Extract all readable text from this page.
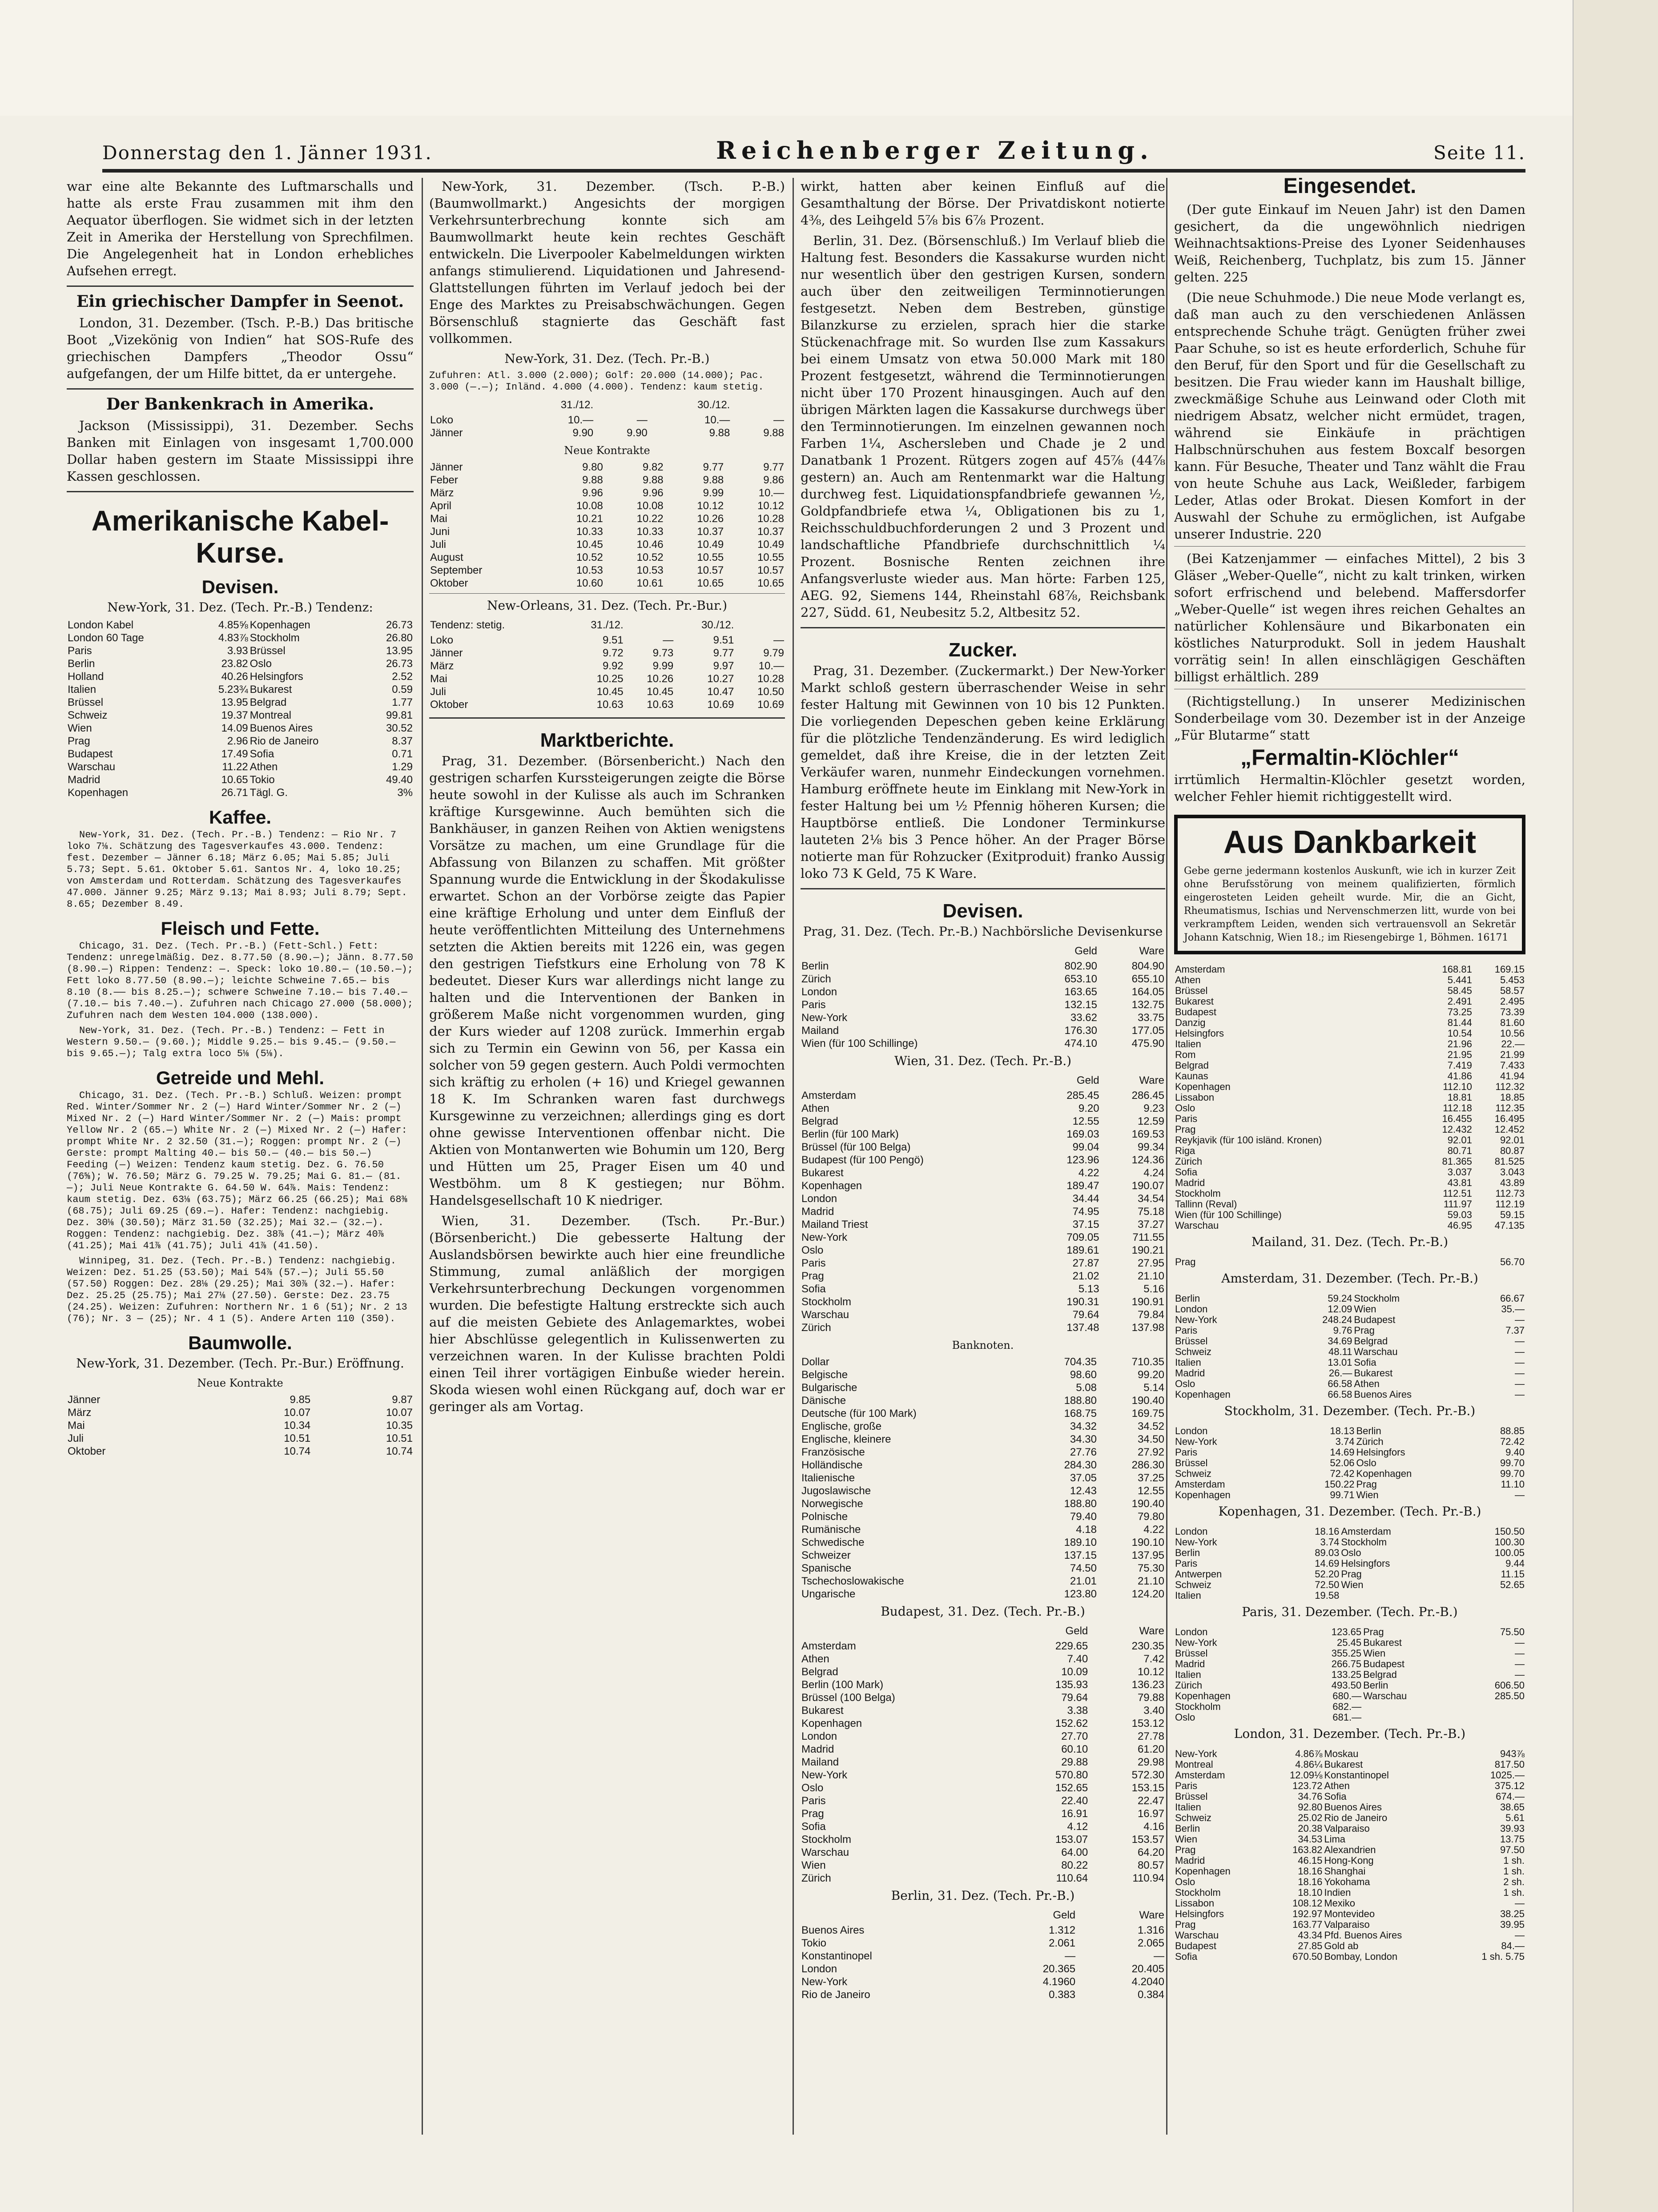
Donnerstag den 1. Jänner 1931.	Reichenberger Zeitung.	Seite 11.

war eine alte Bekannte des Luftmarschalls und hatte als erste Frau zusammen mit ihm den Aequator überflogen. Sie widmet sich in der letzten Zeit in Amerika der Herstellung von Sprechfilmen. Die Angelegenheit hat in London erhebliches Aufsehen erregt.

Ein griechischer Dampfer in Seenot.

London, 31. Dezember. (Tsch. P.-B.) Das britische Boot „Vizekönig von Indien“ hat SOS-Rufe des griechischen Dampfers „Theodor Ossu“ aufgefangen, der um Hilfe bittet, da er untergehe.

Der Bankenkrach in Amerika.

Jackson (Mississippi), 31. Dezember. Sechs Banken mit Einlagen von insgesamt 1,700.000 Dollar haben gestern im Staate Mississippi ihre Kassen geschlossen.

Amerikanische Kabel-Kurse.
Devisen.
New-York, 31. Dez. (Tech. Pr.-B.) Tendenz:
London Kabel	4.85⅝	Kopenhagen	26.73
London 60 Tage	4.83⅞	Stockholm	26.80
Paris	3.93	Brüssel	13.95
Berlin	23.82	Oslo	26.73
Holland	40.26	Helsingfors	2.52
Italien	5.23¾	Bukarest	0.59
Brüssel	13.95	Belgrad	1.77
Schweiz	19.37	Montreal	99.81
Wien	14.09	Buenos Aires	30.52
Prag	2.96	Rio de Janeiro	8.37
Budapest	17.49	Sofia	0.71
Warschau	11.22	Athen	1.29
Madrid	10.65	Tokio	49.40
Kopenhagen	26.71	Tägl. G.	3%
Kaffee.

New-York, 31. Dez. (Tech. Pr.-B.) Tendenz: — Rio Nr. 7 loko 7⅛. Schätzung des Tagesverkaufes 43.000. Tendenz: fest. Dezember — Jänner 6.18; März 6.05; Mai 5.85; Juli 5.73; Sept. 5.61. Oktober 5.61. Santos Nr. 4, loko 10.25; von Amsterdam und Rotterdam. Schätzung des Tagesverkaufes 47.000. Jänner 9.25; März 9.13; Mai 8.93; Juli 8.79; Sept. 8.65; Dezember 8.49.

Fleisch und Fette.

Chicago, 31. Dez. (Tech. Pr.-B.) (Fett-Schl.) Fett: Tendenz: unregelmäßig. Dez. 8.77.50 (8.90.—); Jänn. 8.77.50 (8.90.—) Rippen: Tendenz: —. Speck: loko 10.80.— (10.50.—); Fett loko 8.77.50 (8.90.—); leichte Schweine 7.65.— bis 8.10 (8.—— bis 8.25.—); schwere Schweine 7.10.— bis 7.40.— (7.10.— bis 7.40.—). Zufuhren nach Chicago 27.000 (58.000); Zufuhren nach dem Westen 104.000 (138.000).

New-York, 31. Dez. (Tech. Pr.-B.) Tendenz: — Fett in Western 9.50.— (9.60.); Middle 9.25.— bis 9.45.— (9.50.— bis 9.65.—); Talg extra loco 5⅛ (5⅛).

Getreide und Mehl.

Chicago, 31. Dez. (Tech. Pr.-B.) Schluß. Weizen: prompt Red. Winter/Sommer Nr. 2 (—) Hard Winter/Sommer Nr. 2 (—) Mixed Nr. 2 (—) Hard Winter/Sommer Nr. 2 (—) Mais: prompt Yellow Nr. 2 (65.—) White Nr. 2 (—) Mixed Nr. 2 (—) Hafer: prompt White Nr. 2 32.50 (31.—); Roggen: prompt Nr. 2 (—) Gerste: prompt Malting 40.— bis 50.— (40.— bis 50.—) Feeding (—) Weizen: Tendenz kaum stetig. Dez. G. 76.50 (76⅝); W. 76.50; März G. 79.25 W. 79.25; Mai G. 81.— (81.—); Juli Neue Kontrakte G. 64.50 W. 64⅞. Mais: Tendenz: kaum stetig. Dez. 63⅛ (63.75); März 66.25 (66.25); Mai 68⅜ (68.75); Juli 69.25 (69.—). Hafer: Tendenz: nachgiebig. Dez. 30⅛ (30.50); März 31.50 (32.25); Mai 32.— (32.—). Roggen: Tendenz: nachgiebig. Dez. 38⅞ (41.—); März 40⅞ (41.25); Mai 41⅞ (41.75); Juli 41⅞ (41.50).

Winnipeg, 31. Dez. (Tech. Pr.-B.) Tendenz: nachgiebig. Weizen: Dez. 51.25 (53.50); Mai 54⅞ (57.—); Juli 55.50 (57.50) Roggen: Dez. 28⅛ (29.25); Mai 30⅞ (32.—). Hafer: Dez. 25.25 (25.75); Mai 27⅛ (27.50). Gerste: Dez. 23.75 (24.25). Weizen: Zufuhren: Northern Nr. 1 6 (51); Nr. 2 13 (76); Nr. 3 — (25); Nr. 4 1 (5). Andere Arten 110 (350).

Baumwolle.
New-York, 31. Dezember. (Tech. Pr.-Bur.) Eröffnung.
Neue Kontrakte
Jänner	9.85	9.87
März	10.07	10.07
Mai	10.34	10.35
Juli	10.51	10.51
Oktober	10.74	10.74

New-York, 31. Dezember. (Tsch. P.-B.) (Baumwollmarkt.) Angesichts der morgigen Verkehrsunterbrechung konnte sich am Baumwollmarkt heute kein rechtes Geschäft entwickeln. Die Liverpooler Kabelmeldungen wirkten anfangs stimulierend. Liquidationen und Jahresend-Glattstellungen führten im Verlauf jedoch bei der Enge des Marktes zu Preisabschwächungen. Gegen Börsenschluß stagnierte das Geschäft fast vollkommen.

New-York, 31. Dez. (Tech. Pr.-B.)

Zufuhren: Atl. 3.000 (2.000); Golf: 20.000 (14.000); Pac. 3.000 (—.—); Inländ. 4.000 (4.000). Tendenz: kaum stetig.

	31./12.		30./12.	
Loko	10.—	—	10.—	—
Jänner	9.90	9.90	9.88	9.88
Neue Kontrakte
Jänner	9.80	9.82	9.77	9.77
Feber	9.88	9.88	9.88	9.86
März	9.96	9.96	9.99	10.—
April	10.08	10.08	10.12	10.12
Mai	10.21	10.22	10.26	10.28
Juni	10.33	10.33	10.37	10.37
Juli	10.45	10.46	10.49	10.49
August	10.52	10.52	10.55	10.55
September	10.53	10.53	10.57	10.57
Oktober	10.60	10.61	10.65	10.65
New-Orleans, 31. Dez. (Tech. Pr.-Bur.)
Tendenz: stetig.	31./12.		30./12.	
Loko	9.51	—	9.51	—
Jänner	9.72	9.73	9.77	9.79
März	9.92	9.99	9.97	10.—
Mai	10.25	10.26	10.27	10.28
Juli	10.45	10.45	10.47	10.50
Oktober	10.63	10.63	10.69	10.69
Marktberichte.

Prag, 31. Dezember. (Börsenbericht.) Nach den gestrigen scharfen Kurssteigerungen zeigte die Börse heute sowohl in der Kulisse als auch im Schranken kräftige Kursgewinne. Auch bemühten sich die Bankhäuser, in ganzen Reihen von Aktien wenigstens Vorsätze zu machen, um eine Grundlage für die Abfassung von Bilanzen zu schaffen. Mit größter Spannung wurde die Entwicklung in der Škodakulisse erwartet. Schon an der Vorbörse zeigte das Papier eine kräftige Erholung und unter dem Einfluß der heute veröffentlichten Mitteilung des Unternehmens setzten die Aktien bereits mit 1226 ein, was gegen den gestrigen Tiefstkurs eine Erholung von 78 K bedeutet. Dieser Kurs war allerdings nicht lange zu halten und die Interventionen der Banken in größerem Maße nicht vorgenommen wurden, ging der Kurs wieder auf 1208 zurück. Immerhin ergab sich zu Termin ein Gewinn von 56, per Kassa ein solcher von 59 gegen gestern. Auch Poldi vermochten sich kräftig zu erholen (+ 16) und Kriegel gewannen 18 K. Im Schranken waren fast durchwegs Kursgewinne zu verzeichnen; allerdings ging es dort ohne gewisse Interventionen offenbar nicht. Die Aktien von Montanwerten wie Bohumin um 120, Berg und Hütten um 25, Prager Eisen um 40 und Westböhm. um 8 K gestiegen; nur Böhm. Handelsgesellschaft 10 K niedriger.

Wien, 31. Dezember. (Tsch. Pr.-Bur.) (Börsenbericht.) Die gebesserte Haltung der Auslandsbörsen bewirkte auch hier eine freundliche Stimmung, zumal anläßlich der morgigen Verkehrsunterbrechung Deckungen vorgenommen wurden. Die befestigte Haltung erstreckte sich auch auf die meisten Gebiete des Anlagemarktes, wobei hier Abschlüsse gelegentlich in Kulissenwerten zu verzeichnen waren. In der Kulisse brachten Poldi einen Teil ihrer vortägigen Einbuße wieder herein. Skoda wiesen wohl einen Rückgang auf, doch war er geringer als am Vortag.

wirkt, hatten aber keinen Einfluß auf die Gesamthaltung der Börse. Der Privatdiskont notierte 4⅜, des Leihgeld 5⅞ bis 6⅞ Prozent.

Berlin, 31. Dez. (Börsenschluß.) Im Verlauf blieb die Haltung fest. Besonders die Kassakurse wurden nicht nur wesentlich über den gestrigen Kursen, sondern auch über den zeitweiligen Terminnotierungen festgesetzt. Neben dem Bestreben, günstige Bilanzkurse zu erzielen, sprach hier die starke Stückenachfrage mit. So wurden Ilse zum Kassakurs bei einem Umsatz von etwa 50.000 Mark mit 180 Prozent festgesetzt, während die Terminnotierungen nicht über 170 Prozent hinausgingen. Auch auf den übrigen Märkten lagen die Kassakurse durchwegs über den Terminnotierungen. Im einzelnen gewannen noch Farben 1¼, Aschersleben und Chade je 2 und Danatbank 1 Prozent. Rütgers zogen auf 45⅞ (44⅞ gestern) an. Auch am Rentenmarkt war die Haltung durchweg fest. Liquidationspfandbriefe gewannen ½, Goldpfandbriefe etwa ¼, Obligationen bis zu 1, Reichsschuldbuchforderungen 2 und 3 Prozent und landschaftliche Pfandbriefe durchschnittlich ¼ Prozent. Bosnische Renten zeichnen ihre Anfangsverluste wieder aus. Man hörte: Farben 125, AEG. 92, Siemens 144, Rheinstahl 68⅞, Reichsbank 227, Südd. 61, Neubesitz 5.2, Altbesitz 52.

Zucker.

Prag, 31. Dezember. (Zuckermarkt.) Der New-Yorker Markt schloß gestern überraschender Weise in sehr fester Haltung mit Gewinnen von 10 bis 12 Punkten. Die vorliegenden Depeschen geben keine Erklärung für die plötzliche Tendenzänderung. Es wird lediglich gemeldet, daß ihre Kreise, die in der letzten Zeit Verkäufer waren, nunmehr Eindeckungen vornehmen. Hamburg eröffnete heute im Einklang mit New-York in fester Haltung bei um ½ Pfennig höheren Kursen; die Hauptbörse entließ. Die Londoner Terminkurse lauteten 2⅛ bis 3 Pence höher. An der Prager Börse notierte man für Rohzucker (Exitproduit) franko Aussig loko 73 K Geld, 75 K Ware.

Devisen.
Prag, 31. Dez. (Tech. Pr.-B.) Nachbörsliche Devisenkurse
	Geld	Ware
Berlin	802.90	804.90
Zürich	653.10	655.10
London	163.65	164.05
Paris	132.15	132.75
New-York	33.62	33.75
Mailand	176.30	177.05
Wien (für 100 Schillinge)	474.10	475.90
Wien, 31. Dez. (Tech. Pr.-B.)
	Geld	Ware
Amsterdam	285.45	286.45
Athen	9.20	9.23
Belgrad	12.55	12.59
Berlin (für 100 Mark)	169.03	169.53
Brüssel (für 100 Belga)	99.04	99.34
Budapest (für 100 Pengö)	123.96	124.36
Bukarest	4.22	4.24
Kopenhagen	189.47	190.07
London	34.44	34.54
Madrid	74.95	75.18
Mailand Triest	37.15	37.27
New-York	709.05	711.55
Oslo	189.61	190.21
Paris	27.87	27.95
Prag	21.02	21.10
Sofia	5.13	5.16
Stockholm	190.31	190.91
Warschau	79.64	79.84
Zürich	137.48	137.98
Banknoten.
Dollar	704.35	710.35
Belgische	98.60	99.20
Bulgarische	5.08	5.14
Dänische	188.80	190.40
Deutsche (für 100 Mark)	168.75	169.75
Englische, große	34.32	34.52
Englische, kleinere	34.30	34.50
Französische	27.76	27.92
Holländische	284.30	286.30
Italienische	37.05	37.25
Jugoslawische	12.43	12.55
Norwegische	188.80	190.40
Polnische	79.40	79.80
Rumänische	4.18	4.22
Schwedische	189.10	190.10
Schweizer	137.15	137.95
Spanische	74.50	75.30
Tschechoslowakische	21.01	21.10
Ungarische	123.80	124.20
Budapest, 31. Dez. (Tech. Pr.-B.)
	Geld	Ware
Amsterdam	229.65	230.35
Athen	7.40	7.42
Belgrad	10.09	10.12
Berlin (100 Mark)	135.93	136.23
Brüssel (100 Belga)	79.64	79.88
Bukarest	3.38	3.40
Kopenhagen	152.62	153.12
London	27.70	27.78
Madrid	60.10	61.20
Mailand	29.88	29.98
New-York	570.80	572.30
Oslo	152.65	153.15
Paris	22.40	22.47
Prag	16.91	16.97
Sofia	4.12	4.16
Stockholm	153.07	153.57
Warschau	64.00	64.20
Wien	80.22	80.57
Zürich	110.64	110.94
Berlin, 31. Dez. (Tech. Pr.-B.)
	Geld	Ware
Buenos Aires	1.312	1.316
Tokio	2.061	2.065
Konstantinopel	—	—
London	20.365	20.405
New-York	4.1960	4.2040
Rio de Janeiro	0.383	0.384
Eingesendet.

(Der gute Einkauf im Neuen Jahr) ist den Damen gesichert, da die ungewöhnlich niedrigen Weihnachtsaktions-Preise des Lyoner Seidenhauses Weiß, Reichenberg, Tuchplatz, bis zum 15. Jänner gelten. 225

(Die neue Schuhmode.) Die neue Mode verlangt es, daß man auch zu den verschiedenen Anlässen entsprechende Schuhe trägt. Genügten früher zwei Paar Schuhe, so ist es heute erforderlich, Schuhe für den Beruf, für den Sport und für die Gesellschaft zu besitzen. Die Frau wieder kann im Haushalt billige, zweckmäßige Schuhe aus Leinwand oder Cloth mit niedrigem Absatz, welcher nicht ermüdet, tragen, während sie Einkäufe in prächtigen Halbschnürschuhen aus festem Boxcalf besorgen kann. Für Besuche, Theater und Tanz wählt die Frau von heute Schuhe aus Lack, Weißleder, farbigem Leder, Atlas oder Brokat. Diesen Komfort in der Auswahl der Schuhe zu ermöglichen, ist Aufgabe unserer Industrie. 220

(Bei Katzenjammer — einfaches Mittel), 2 bis 3 Gläser „Weber-Quelle“, nicht zu kalt trinken, wirken sofort erfrischend und belebend. Maffersdorfer „Weber-Quelle“ ist wegen ihres reichen Gehaltes an natürlicher Kohlensäure und Bikarbonaten ein köstliches Naturprodukt. Soll in jedem Haushalt vorrätig sein! In allen einschlägigen Geschäften billigst erhältlich. 289

(Richtigstellung.) In unserer Medizinischen Sonderbeilage vom 30. Dezember ist in der Anzeige „Für Blutarme“ statt

„Fermaltin-Klöchler“

irrtümlich Hermaltin-Klöchler gesetzt worden, welcher Fehler hiemit richtiggestellt wird.

Aus Dankbarkeit
Gebe gerne jedermann kostenlos Auskunft, wie ich in kurzer Zeit ohne Berufsstörung von meinem qualifizierten, förmlich eingerosteten Leiden geheilt wurde. Mir, die an Gicht, Rheumatismus, Ischias und Nervenschmerzen litt, wurde von bei verkrampftem Leiden, wenden sich vertrauensvoll an Sekretär Johann Katschnig, Wien 18.; im Riesengebirge 1, Böhmen. 16171
Amsterdam	168.81	169.15
Athen	5.441	5.453
Brüssel	58.45	58.57
Bukarest	2.491	2.495
Budapest	73.25	73.39
Danzig	81.44	81.60
Helsingfors	10.54	10.56
Italien	21.96	22.—
Rom	21.95	21.99
Belgrad	7.419	7.433
Kaunas	41.86	41.94
Kopenhagen	112.10	112.32
Lissabon	18.81	18.85
Oslo	112.18	112.35
Paris	16.455	16.495
Prag	12.432	12.452
Reykjavik (für 100 isländ. Kronen)	92.01	92.01
Riga	80.71	80.87
Zürich	81.365	81.525
Sofia	3.037	3.043
Madrid	43.81	43.89
Stockholm	112.51	112.73
Tallinn (Reval)	111.97	112.19
Wien (für 100 Schillinge)	59.03	59.15
Warschau	46.95	47.135
Mailand, 31. Dez. (Tech. Pr.-B.)
Prag		56.70
Amsterdam, 31. Dezember. (Tech. Pr.-B.)
Berlin	59.24	Stockholm	66.67
London	12.09	Wien	35.—
New-York	248.24	Budapest	—
Paris	9.76	Prag	7.37
Brüssel	34.69	Belgrad	—
Schweiz	48.11	Warschau	—
Italien	13.01	Sofia	—
Madrid	26.—	Bukarest	—
Oslo	66.58	Athen	—
Kopenhagen	66.58	Buenos Aires	—
Stockholm, 31. Dezember. (Tech. Pr.-B.)
London	18.13	Berlin	88.85
New-York	3.74	Zürich	72.42
Paris	14.69	Helsingfors	9.40
Brüssel	52.06	Oslo	99.70
Schweiz	72.42	Kopenhagen	99.70
Amsterdam	150.22	Prag	11.10
Kopenhagen	99.71	Wien	—
Kopenhagen, 31. Dezember. (Tech. Pr.-B.)
London	18.16	Amsterdam	150.50
New-York	3.74	Stockholm	100.30
Berlin	89.03	Oslo	100.05
Paris	14.69	Helsingfors	9.44
Antwerpen	52.20	Prag	11.15
Schweiz	72.50	Wien	52.65
Italien	19.58		
Paris, 31. Dezember. (Tech. Pr.-B.)
London	123.65	Prag	75.50
New-York	25.45	Bukarest	—
Brüssel	355.25	Wien	—
Madrid	266.75	Budapest	—
Italien	133.25	Belgrad	—
Zürich	493.50	Berlin	606.50
Kopenhagen	680.—	Warschau	285.50
Stockholm	682.—		
Oslo	681.—		
London, 31. Dezember. (Tech. Pr.-B.)
New-York	4.86⅞	Moskau	943⅞
Montreal	4.86¼	Bukarest	817.50
Amsterdam	12.09⅛	Konstantinopel	1025.—
Paris	123.72	Athen	375.12
Brüssel	34.76	Sofia	674.—
Italien	92.80	Buenos Aires	38.65
Schweiz	25.02	Rio de Janeiro	5.61
Berlin	20.38	Valparaiso	39.93
Wien	34.53	Lima	13.75
Prag	163.82	Alexandrien	97.50
Madrid	46.15	Hong-Kong	1 sh.
Kopenhagen	18.16	Shanghai	1 sh.
Oslo	18.16	Yokohama	2 sh.
Stockholm	18.10	Indien	1 sh.
Lissabon	108.12	Mexiko	—
Helsingfors	192.97	Montevideo	38.25
Prag	163.77	Valparaiso	39.95
Warschau	43.34	Pfd. Buenos Aires	—
Budapest	27.85	Gold ab	84.—
Sofia	670.50	Bombay, London	1 sh. 5.75
